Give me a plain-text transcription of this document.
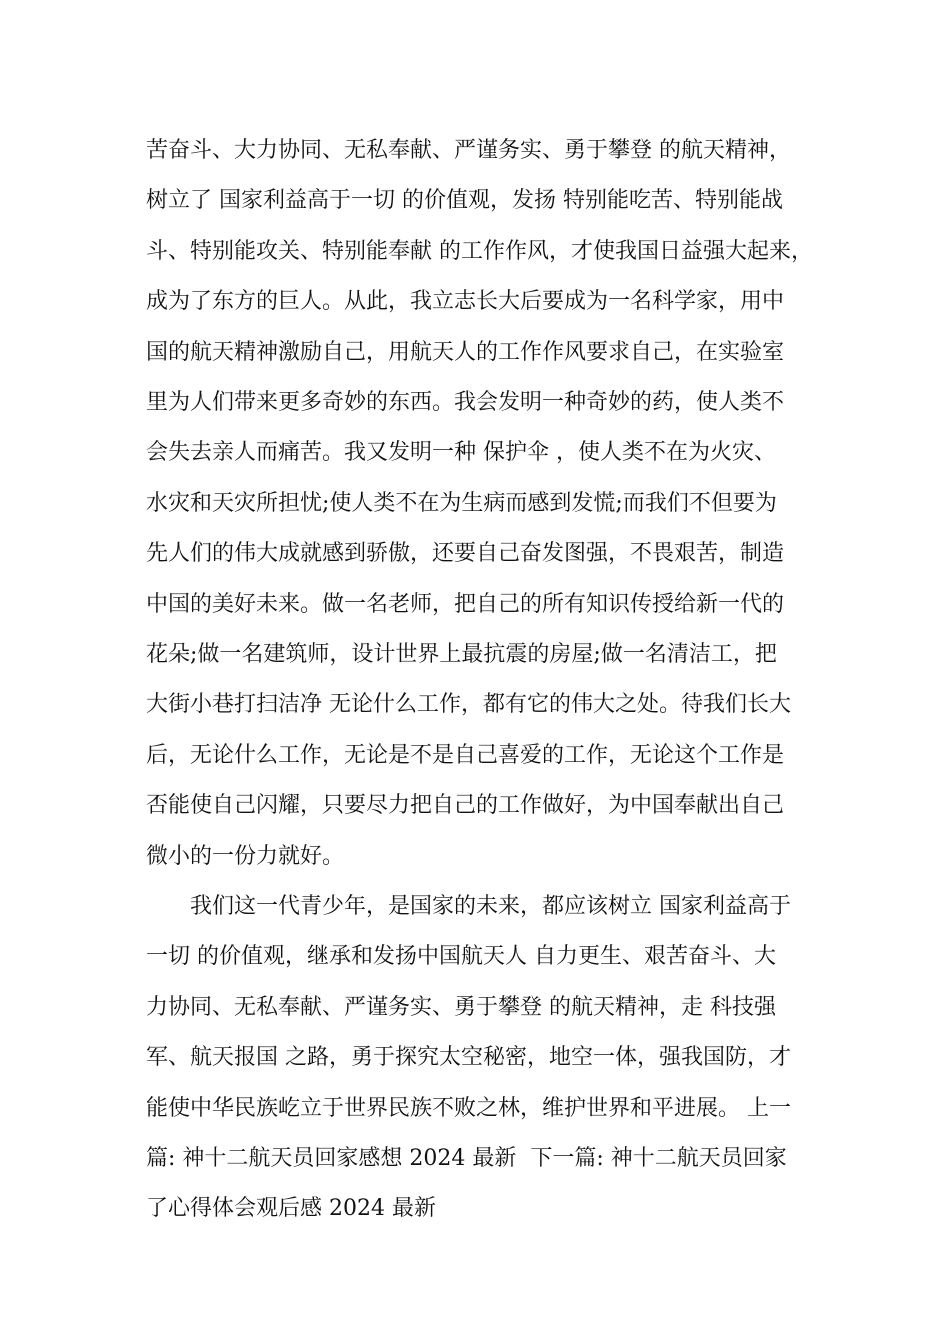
苦奋斗、大力协同、无私奉献、严谨务实、勇于攀登 的航天精神，
树立了 国家利益高于一切 的价值观，发扬 特别能吃苦、特别能战
斗、特别能攻关、特别能奉献 的工作作风，才使我国日益强大起来，
成为了东方的巨人。从此，我立志长大后要成为一名科学家，用中
国的航天精神激励自己，用航天人的工作作风要求自己，在实验室
里为人们带来更多奇妙的东西。我会发明一种奇妙的药，使人类不
会失去亲人而痛苦。我又发明一种 保护伞 ，使人类不在为火灾、
水灾和天灾所担忧;使人类不在为生病而感到发慌;而我们不但要为
先人们的伟大成就感到骄傲，还要自己奋发图强，不畏艰苦，制造
中国的美好未来。做一名老师，把自己的所有知识传授给新一代的
花朵;做一名建筑师，设计世界上最抗震的房屋;做一名清洁工，把
大街小巷打扫洁净 无论什么工作，都有它的伟大之处。待我们长大
后，无论什么工作，无论是不是自己喜爱的工作，无论这个工作是
否能使自己闪耀，只要尽力把自己的工作做好，为中国奉献出自己
微小的一份力就好。
我们这一代青少年，是国家的未来，都应该树立 国家利益高于
一切 的价值观，继承和发扬中国航天人 自力更生、艰苦奋斗、大
力协同、无私奉献、严谨务实、勇于攀登 的航天精神，走 科技强
军、航天报国 之路，勇于探究太空秘密，地空一体，强我国防，才
能使中华民族屹立于世界民族不败之林，维护世界和平进展。 上一
篇: 神十二航天员回家感想 2024 最新  下一篇: 神十二航天员回家
了心得体会观后感 2024 最新
